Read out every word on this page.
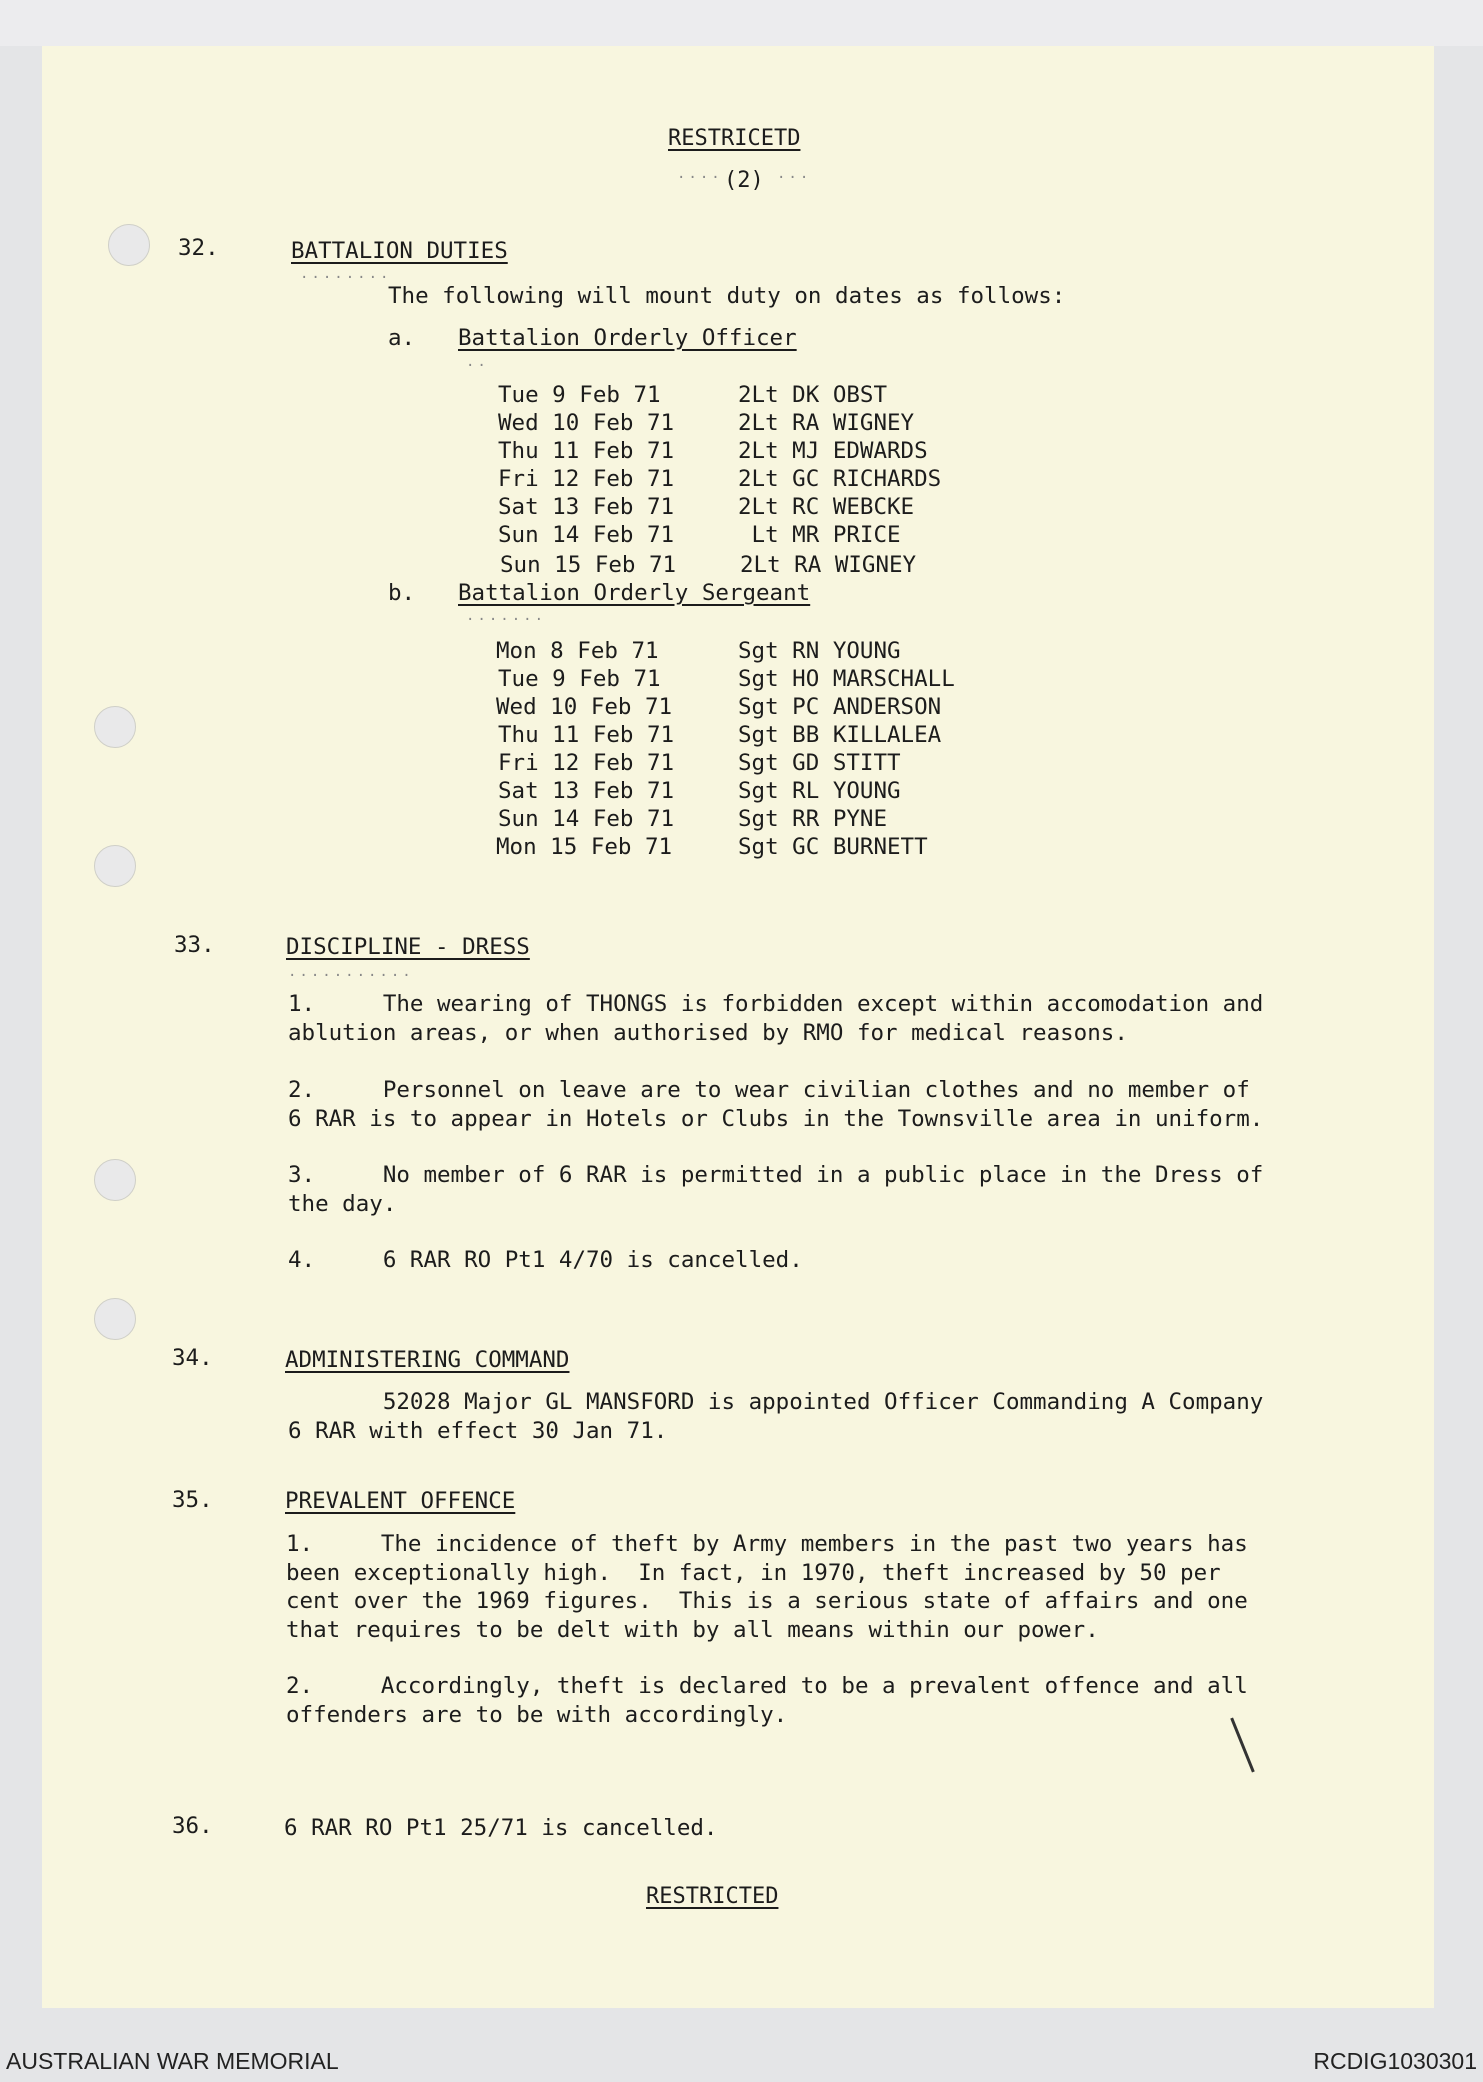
RESTRICETD
.... (2) ...
32.	BATTALION DUTIES
........
The following will mount duty on dates as follows:
a. Battalion Orderly Officer
..
Tue 9 Feb 71	2Lt DK OBST
Wed 10 Feb 71	2Lt RA WIGNEY
Thu 11 Feb 71	2Lt MJ EDWARDS
Fri 12 Feb 71	2Lt GC RICHARDS
Sat 13 Feb 71	2Lt RC WEBCKE
Sun 14 Feb 71	Lt MR PRICE
Sun 15 Feb 71	2Lt RA WIGNEY
b. Battalion Orderly Sergeant
.......
Mon 8 Feb 71	Sgt RN YOUNG
Tue 9 Feb 71	Sgt HO MARSCHALL
Wed 10 Feb 71	Sgt PC ANDERSON
Thu 11 Feb 71	Sgt BB KILLALEA
Fri 12 Feb 71	Sgt GD STITT
Sat 13 Feb 71	Sgt RL YOUNG
Sun 14 Feb 71	Sgt RR PYNE
Mon 15 Feb 71	Sgt GC BURNETT
33.	DISCIPLINE - DRESS
...........
1.     The wearing of THONGS is forbidden except within accomodation and
ablution areas, or when authorised by RMO for medical reasons.
2.     Personnel on leave are to wear civilian clothes and no member of
6 RAR is to appear in Hotels or Clubs in the Townsville area in uniform.
3.     No member of 6 RAR is permitted in a public place in the Dress of
the day.
4.     6 RAR RO Pt1 4/70 is cancelled.
34.	ADMINISTERING COMMAND
52028 Major GL MANSFORD is appointed Officer Commanding A Company
6 RAR with effect 30 Jan 71.
35.	PREVALENT OFFENCE
1.     The incidence of theft by Army members in the past two years has
been exceptionally high.  In fact, in 1970, theft increased by 50 per
cent over the 1969 figures.  This is a serious state of affairs and one
that requires to be delt with by all means within our power.
2.     Accordingly, theft is declared to be a prevalent offence and all
offenders are to be with accordingly.
36.	6 RAR RO Pt1 25/71 is cancelled.
RESTRICTED
AUSTRALIAN WAR MEMORIAL	RCDIG1030301
